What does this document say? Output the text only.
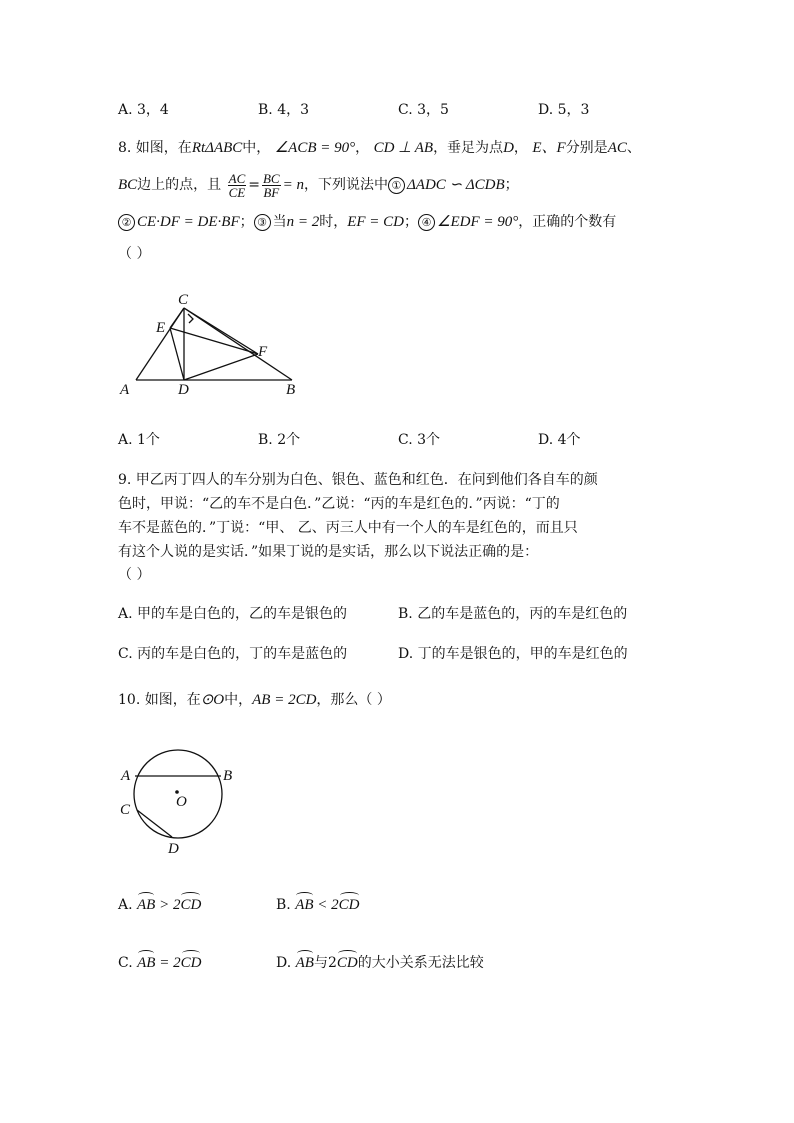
A. 3，4	B. 4，3	C. 3，5	D. 5，3
8. 如图，在RtΔABC中， ∠ACB = 90°， CD ⊥ AB，垂足为点D， E、F分别是AC、
BC边上的点，且 $\frac{AC}{CE} = \frac{BC}{BF} = n$，下列说法中 ① ΔADC ∽ ΔCDB；
② CE·DF = DE·BF； ③ 当n = 2时，EF = CD； ④ ∠EDF = 90°，正确的个数有
（ ）
C
E
F
A	D	B
A. 1个	B. 2个	C. 3个	D. 4个
9. 甲乙丙丁四人的车分别为白色、银色、蓝色和红色．在问到他们各自车的颜
色时，甲说：“乙的车不是白色．”乙说：“丙的车是红色的．”丙说：“丁的
车不是蓝色的．”丁说：“甲、 乙、丙三人中有一个人的车是红色的，而且只
有这个人说的是实话．”如果丁说的是实话，那么以下说法正确的是：
（ ）
A. 甲的车是白色的，乙的车是银色的	B. 乙的车是蓝色的，丙的车是红色的
C. 丙的车是白色的，丁的车是蓝色的	D. 丁的车是银色的，甲的车是红色的
10. 如图，在⊙O中，AB = 2CD，那么（ ）
A	B
O
C
D
A. AB > 2CD	B. AB < 2CD
C. AB = 2CD	D. AB与2CD的大小关系无法比较
